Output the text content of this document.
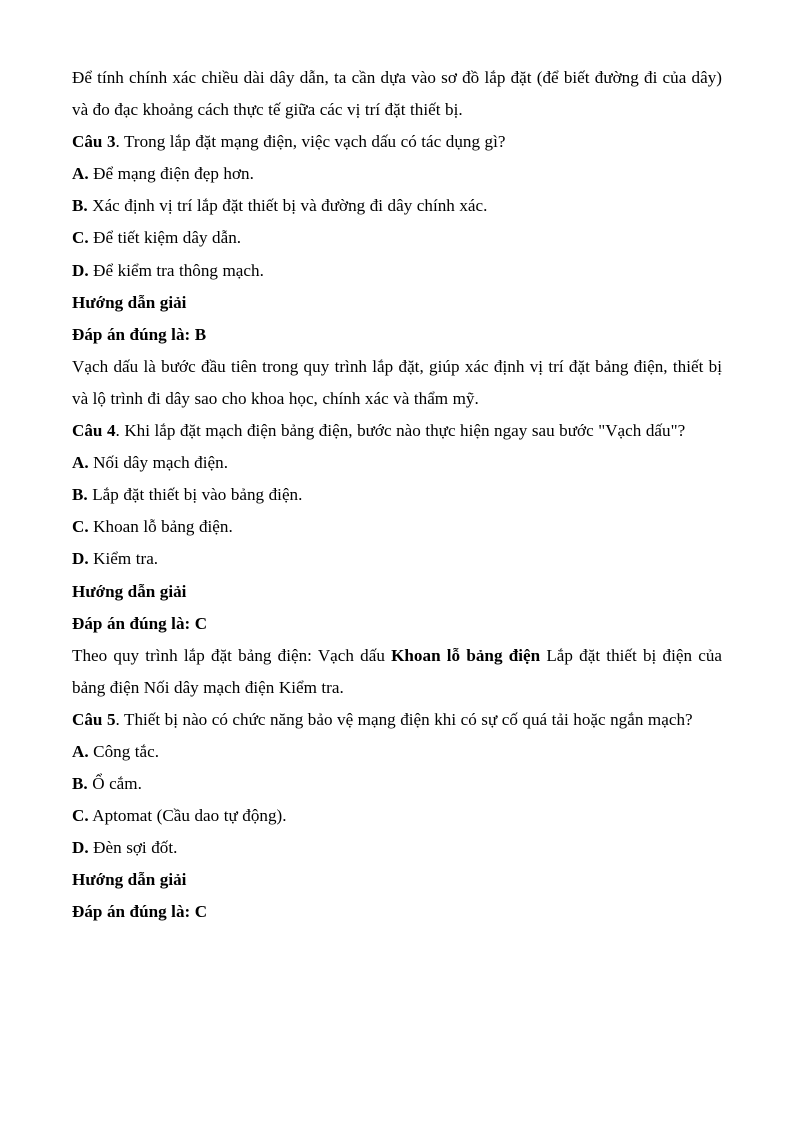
Để tính chính xác chiều dài dây dẫn, ta cần dựa vào sơ đồ lắp đặt (để biết đường đi của dây) và đo đạc khoảng cách thực tế giữa các vị trí đặt thiết bị.

Câu 3. Trong lắp đặt mạng điện, việc vạch dấu có tác dụng gì?

A. Để mạng điện đẹp hơn.

B. Xác định vị trí lắp đặt thiết bị và đường đi dây chính xác.

C. Để tiết kiệm dây dẫn.

D. Để kiểm tra thông mạch.

Hướng dẫn giải

Đáp án đúng là: B

Vạch dấu là bước đầu tiên trong quy trình lắp đặt, giúp xác định vị trí đặt bảng điện, thiết bị và lộ trình đi dây sao cho khoa học, chính xác và thẩm mỹ.

Câu 4. Khi lắp đặt mạch điện bảng điện, bước nào thực hiện ngay sau bước "Vạch dấu"?

A. Nối dây mạch điện.

B. Lắp đặt thiết bị vào bảng điện.

C. Khoan lỗ bảng điện.

D. Kiểm tra.

Hướng dẫn giải

Đáp án đúng là: C

Theo quy trình lắp đặt bảng điện: Vạch dấu Khoan lỗ bảng điện Lắp đặt thiết bị điện của bảng điện Nối dây mạch điện Kiểm tra.

Câu 5. Thiết bị nào có chức năng bảo vệ mạng điện khi có sự cố quá tải hoặc ngắn mạch?

A. Công tắc.

B. Ổ cắm.

C. Aptomat (Cầu dao tự động).

D. Đèn sợi đốt.

Hướng dẫn giải

Đáp án đúng là: C
